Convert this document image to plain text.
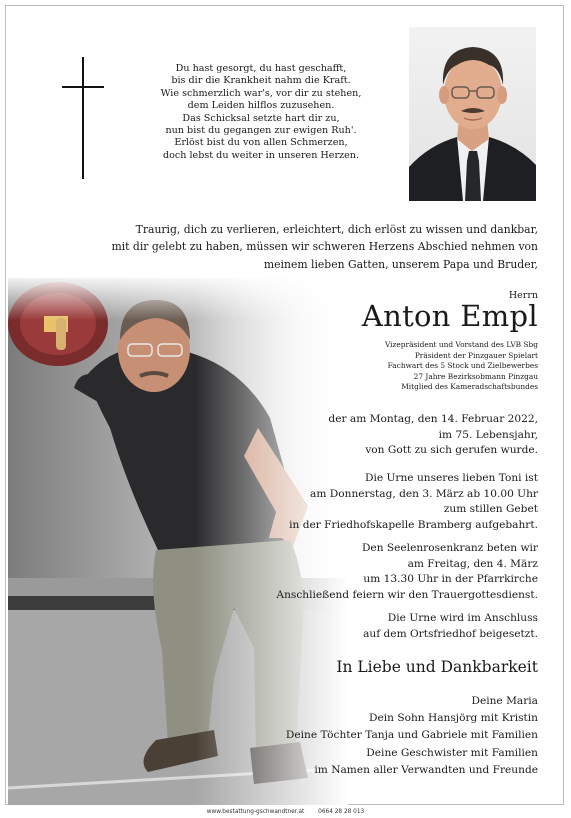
Du hast gesorgt, du hast geschafft,
bis dir die Krankheit nahm die Kraft.
Wie schmerzlich war's, vor dir zu stehen,
dem Leiden hilflos zuzusehen.
Das Schicksal setzte hart dir zu,
nun bist du gegangen zur ewigen Ruh'.
Erlöst bist du von allen Schmerzen,
doch lebst du weiter in unseren Herzen.
Traurig, dich zu verlieren, erleichtert, dich erlöst zu wissen und dankbar,
mit dir gelebt zu haben, müssen wir schweren Herzens Abschied nehmen von
meinem lieben Gatten, unserem Papa und Bruder,
Herrn
Anton Empl
Vizepräsident und Vorstand des LVB Sbg
Präsident der Pinzgauer Spielart
Fachwart des 5 Stock und Zielbewerbes
27 Jahre Bezirksobmann Pinzgau
Mitglied des Kameradschaftsbundes
der am Montag, den 14. Februar 2022,
im 75. Lebensjahr,
von Gott zu sich gerufen wurde.
Die Urne unseres lieben Toni ist
am Donnerstag, den 3. März ab 10.00 Uhr
zum stillen Gebet
in der Friedhofskapelle Bramberg aufgebahrt.
Den Seelenrosenkranz beten wir
am Freitag, den 4. März
um 13.30 Uhr in der Pfarrkirche
Anschließend feiern wir den Trauergottesdienst.
Die Urne wird im Anschluss
auf dem Ortsfriedhof beigesetzt.
In Liebe und Dankbarkeit
Deine Maria
Dein Sohn Hansjörg mit Kristin
Deine Töchter Tanja und Gabriele mit Familien
Deine Geschwister mit Familien
im Namen aller Verwandten und Freunde
www.bestattung-gschwandtner.at 0664 28 28 013
